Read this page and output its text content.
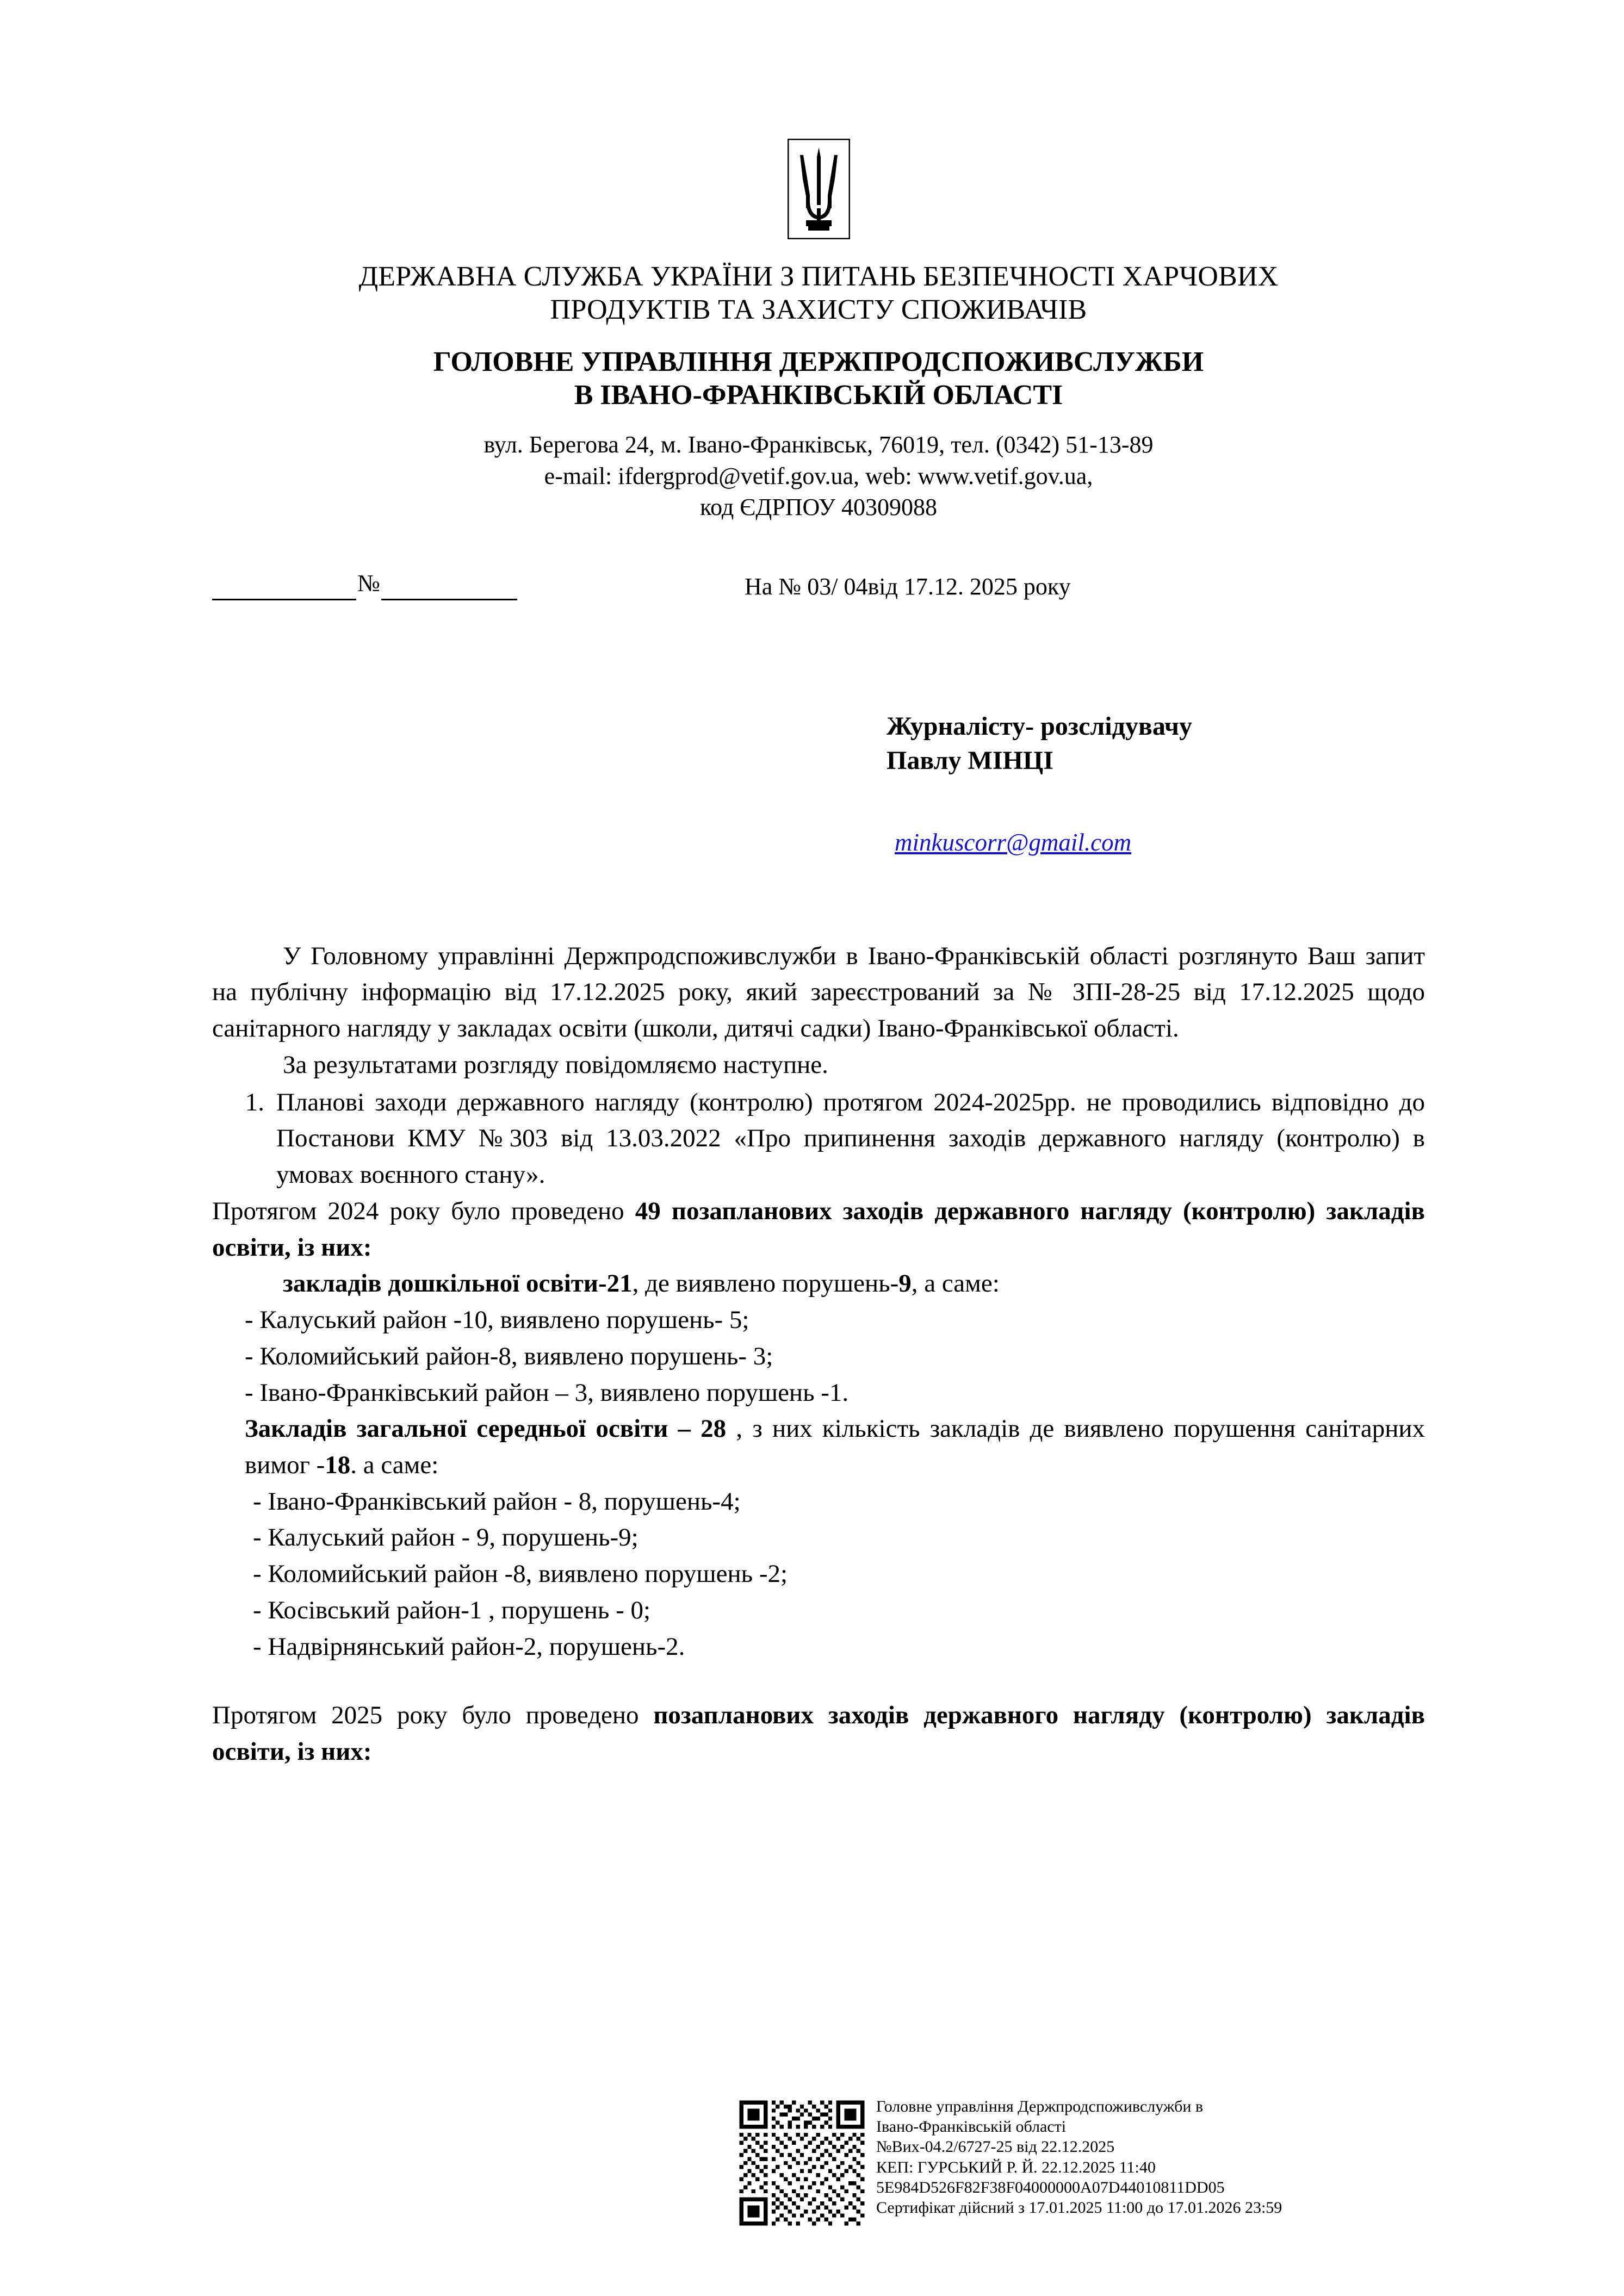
ДЕРЖАВНА СЛУЖБА УКРАЇНИ З ПИТАНЬ БЕЗПЕЧНОСТІ ХАРЧОВИХ
ПРОДУКТІВ ТА ЗАХИСТУ СПОЖИВАЧІВ
ГОЛОВНЕ УПРАВЛІННЯ ДЕРЖПРОДСПОЖИВСЛУЖБИ
В ІВАНО-ФРАНКІВСЬКІЙ ОБЛАСТІ
вул. Берегова 24, м. Івано-Франківськ, 76019, тел. (0342) 51-13-89
e-mail: ifdergprod@vetif.gov.ua, web: www.vetif.gov.ua,
код ЄДРПОУ 40309088
№	На № 03/ 04від 17.12. 2025 року
Журналісту- розслідувачу
Павлу МІНЦІ
minkuscorr@gmail.com

У Головному управлінні Держпродспоживслужби в Івано-Франківській області розглянуто Ваш запит на публічну інформацію від 17.12.2025 року, який зареєстрований за № ЗПІ-28-25 від 17.12.2025 щодо санітарного нагляду у закладах освіти (школи, дитячі садки) Івано-Франківської області.

За результатами розгляду повідомляємо наступне.

1. Планові заходи державного нагляду (контролю) протягом 2024-2025рр. не проводились відповідно до Постанови КМУ №303 від 13.03.2022 «Про припинення заходів державного нагляду (контролю) в умовах воєнного стану».

Протягом 2024 року було проведено 49 позапланових заходів державного нагляду (контролю) закладів освіти, із них:

закладів дошкільної освіти-21, де виявлено порушень-9, а саме:

- Калуський район -10, виявлено порушень- 5;

- Коломийський район-8, виявлено порушень- 3;

- Івано-Франківський район – 3, виявлено порушень -1.

Закладів загальної середньої освіти – 28 , з них кількість закладів де виявлено порушення санітарних вимог -18. а саме:

- Івано-Франківський район - 8, порушень-4;

- Калуський район - 9, порушень-9;

- Коломийський район -8, виявлено порушень -2;

- Косівський район-1 , порушень - 0;

- Надвірнянський район-2, порушень-2.

Протягом 2025 року було проведено позапланових заходів державного нагляду (контролю) закладів освіти, із них:

Головне управління Держпродспоживслужби в
Івано-Франківській області
№Вих-04.2/6727-25 від 22.12.2025
КЕП: ГУРСЬКИЙ Р. Й. 22.12.2025 11:40
5E984D526F82F38F04000000A07D44010811DD05
Сертифікат дійсний з 17.01.2025 11:00 до 17.01.2026 23:59
